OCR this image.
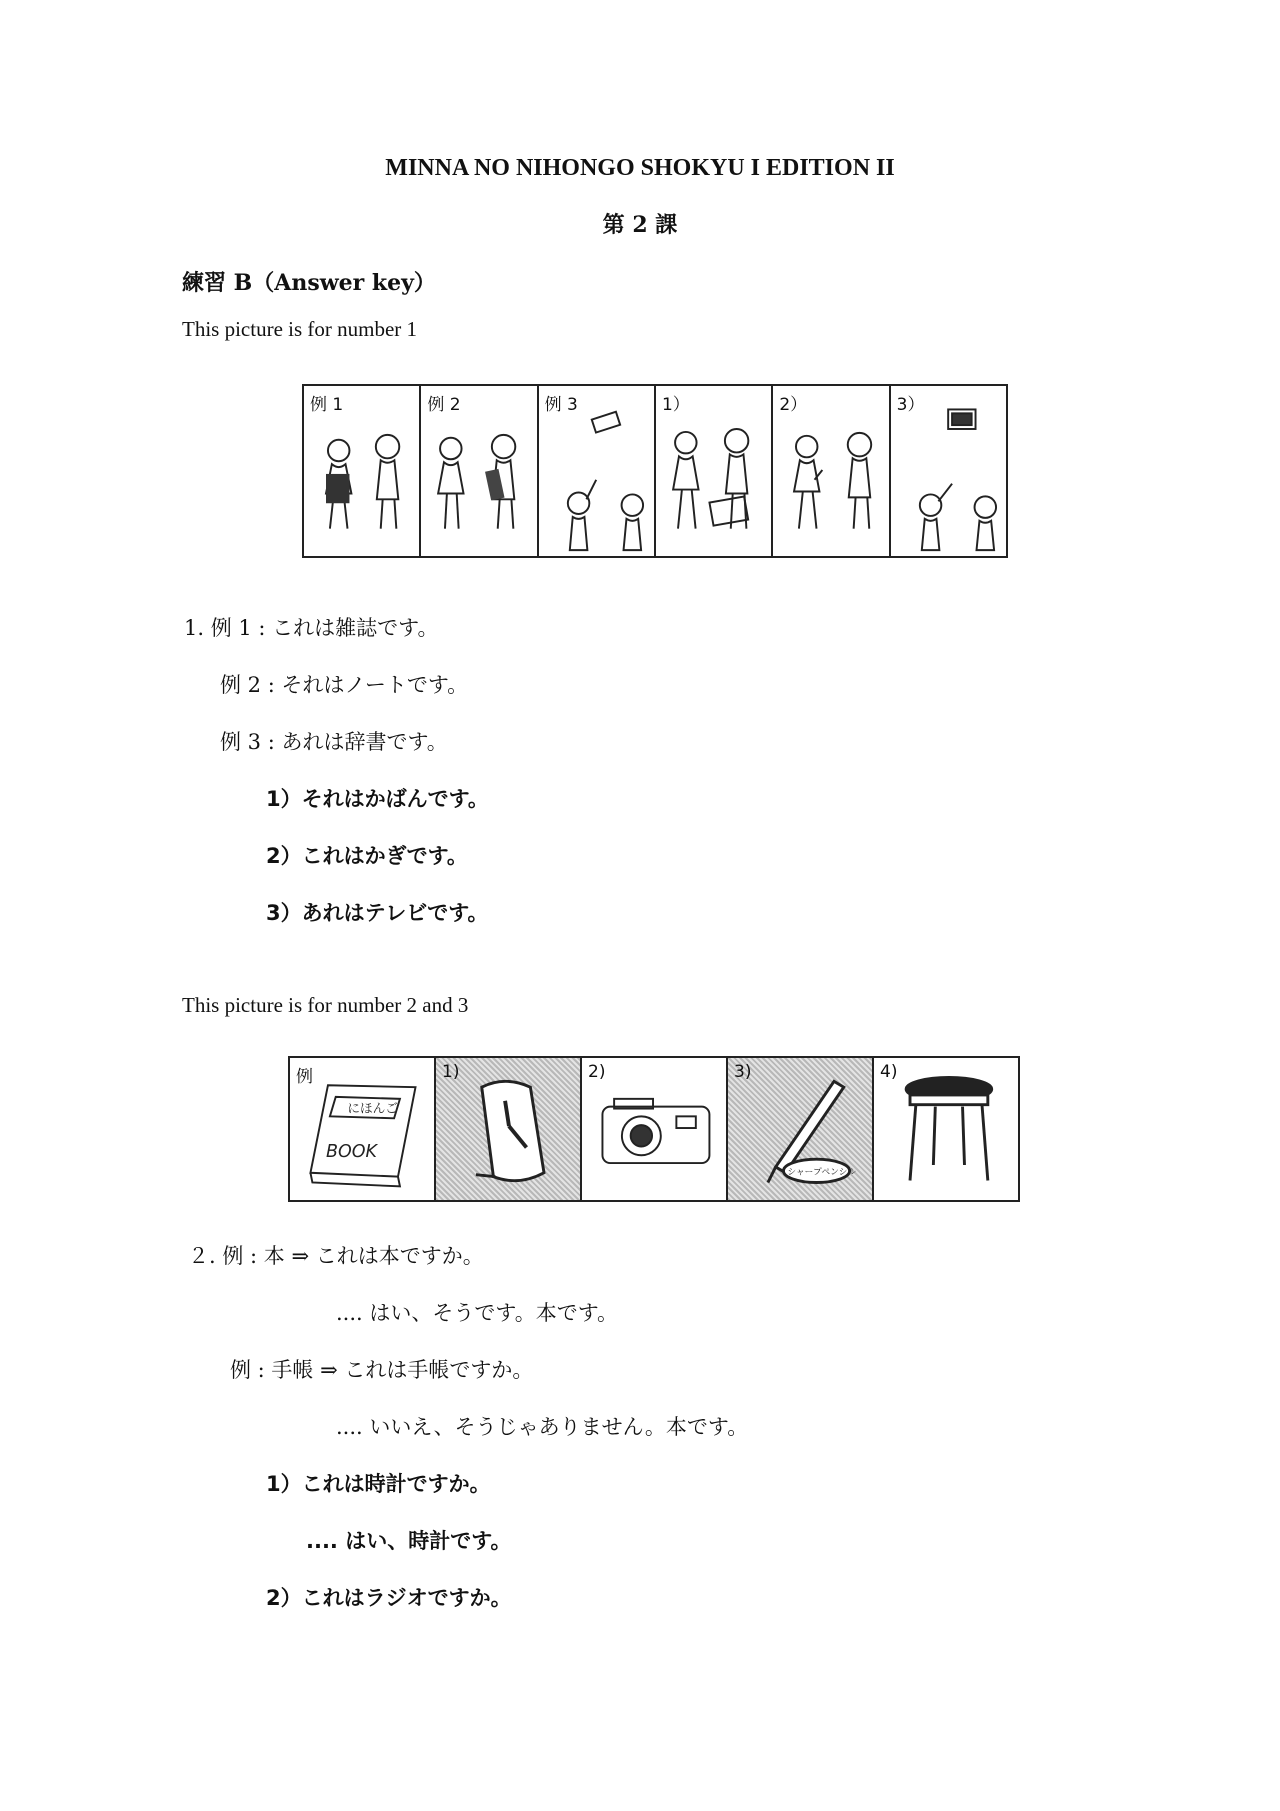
MINNA NO NIHONGO SHOKYU I EDITION II
第 2 課
練習 B（Answer key）
This picture is for number 1
例 1	例 2	例 3	1）	2）	3）
1. 例 1 : これは雑誌です。
例 2 : それはノートです。
例 3 : あれは辞書です。
1）それはかばんです。
2）これはかぎです。
3）あれはテレビです。
This picture is for number 2 and 3
例
にほんご
BOOK
1)	2)	3)
シャープペンシル
4)
２. 例 : 本 ⇒ これは本ですか。
.... はい、そうです。本です。
例 : 手帳 ⇒ これは手帳ですか。
.... いいえ、そうじゃありません。本です。
1）これは時計ですか。
.... はい、時計です。
2）これはラジオですか。
